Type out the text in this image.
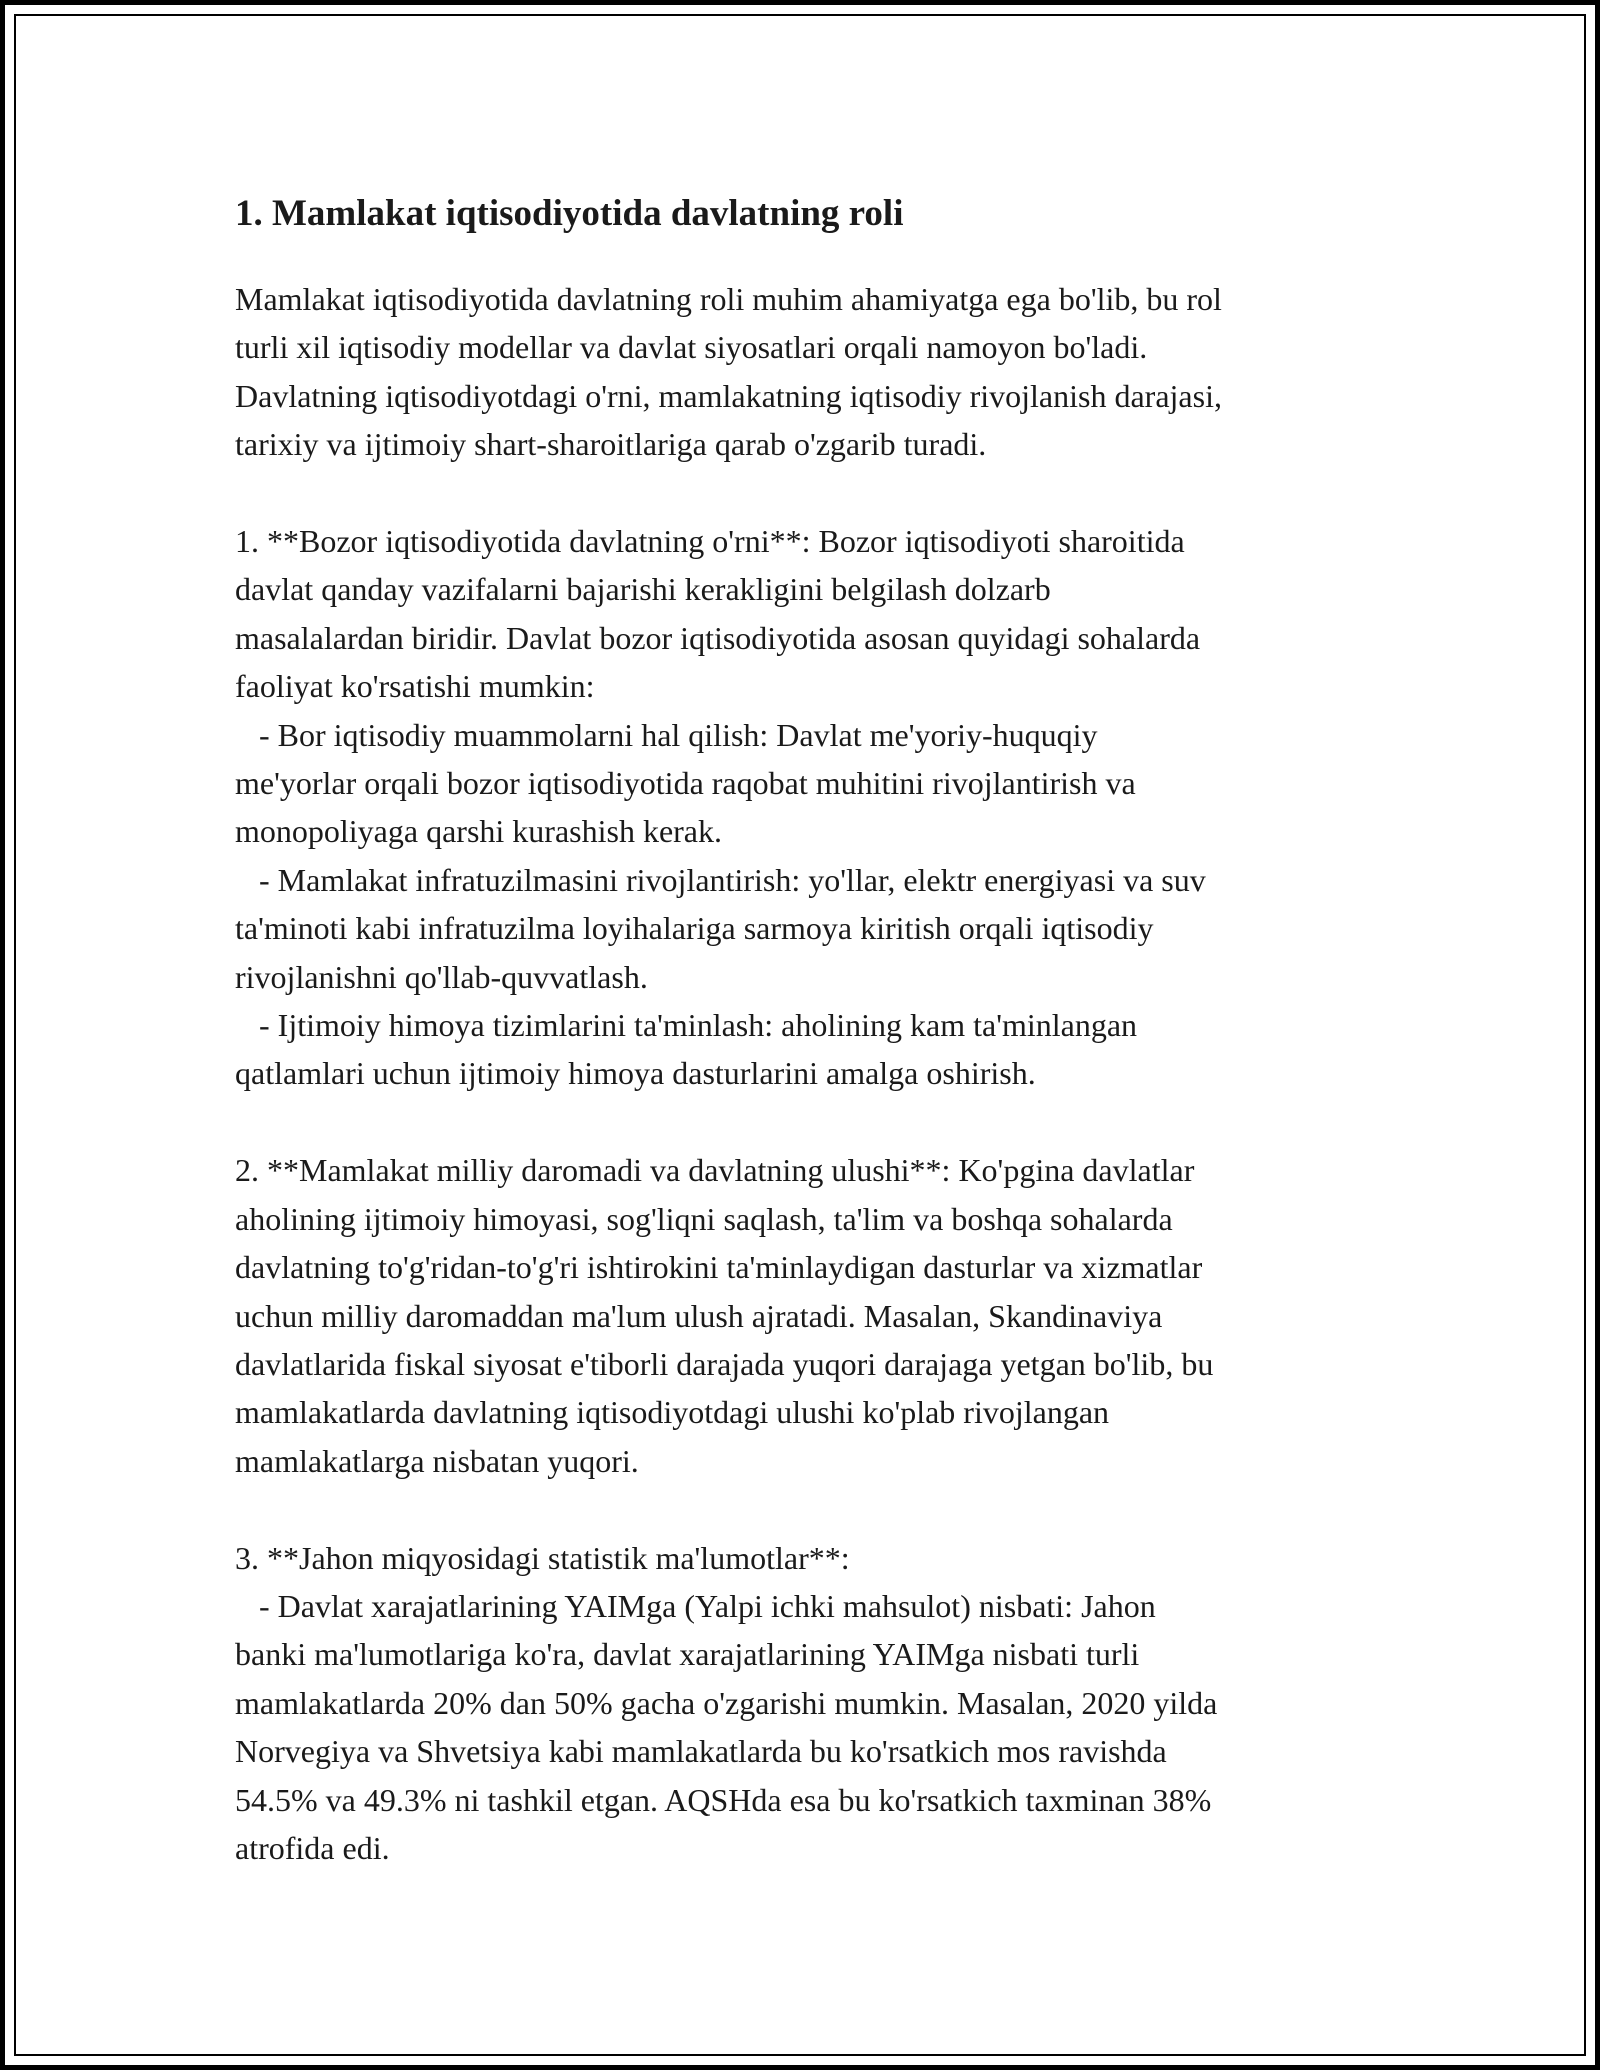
1. Mamlakat iqtisodiyotida davlatning roli

Mamlakat iqtisodiyotida davlatning roli muhim ahamiyatga ega bo'lib, bu rol
turli xil iqtisodiy modellar va davlat siyosatlari orqali namoyon bo'ladi.
Davlatning iqtisodiyotdagi o'rni, mamlakatning iqtisodiy rivojlanish darajasi,
tarixiy va ijtimoiy shart-sharoitlariga qarab o'zgarib turadi.

1. **Bozor iqtisodiyotida davlatning o'rni**: Bozor iqtisodiyoti sharoitida
davlat qanday vazifalarni bajarishi kerakligini belgilash dolzarb
masalalardan biridir. Davlat bozor iqtisodiyotida asosan quyidagi sohalarda
faoliyat ko'rsatishi mumkin:
- Bor iqtisodiy muammolarni hal qilish: Davlat me'yoriy-huquqiy
me'yorlar orqali bozor iqtisodiyotida raqobat muhitini rivojlantirish va
monopoliyaga qarshi kurashish kerak.
- Mamlakat infratuzilmasini rivojlantirish: yo'llar, elektr energiyasi va suv
ta'minoti kabi infratuzilma loyihalariga sarmoya kiritish orqali iqtisodiy
rivojlanishni qo'llab-quvvatlash.
- Ijtimoiy himoya tizimlarini ta'minlash: aholining kam ta'minlangan
qatlamlari uchun ijtimoiy himoya dasturlarini amalga oshirish.

2. **Mamlakat milliy daromadi va davlatning ulushi**: Ko'pgina davlatlar
aholining ijtimoiy himoyasi, sog'liqni saqlash, ta'lim va boshqa sohalarda
davlatning to'g'ridan-to'g'ri ishtirokini ta'minlaydigan dasturlar va xizmatlar
uchun milliy daromaddan ma'lum ulush ajratadi. Masalan, Skandinaviya
davlatlarida fiskal siyosat e'tiborli darajada yuqori darajaga yetgan bo'lib, bu
mamlakatlarda davlatning iqtisodiyotdagi ulushi ko'plab rivojlangan
mamlakatlarga nisbatan yuqori.

3. **Jahon miqyosidagi statistik ma'lumotlar**:
- Davlat xarajatlarining YAIMga (Yalpi ichki mahsulot) nisbati: Jahon
banki ma'lumotlariga ko'ra, davlat xarajatlarining YAIMga nisbati turli
mamlakatlarda 20% dan 50% gacha o'zgarishi mumkin. Masalan, 2020 yilda
Norvegiya va Shvetsiya kabi mamlakatlarda bu ko'rsatkich mos ravishda
54.5% va 49.3% ni tashkil etgan. AQSHda esa bu ko'rsatkich taxminan 38%
atrofida edi.
